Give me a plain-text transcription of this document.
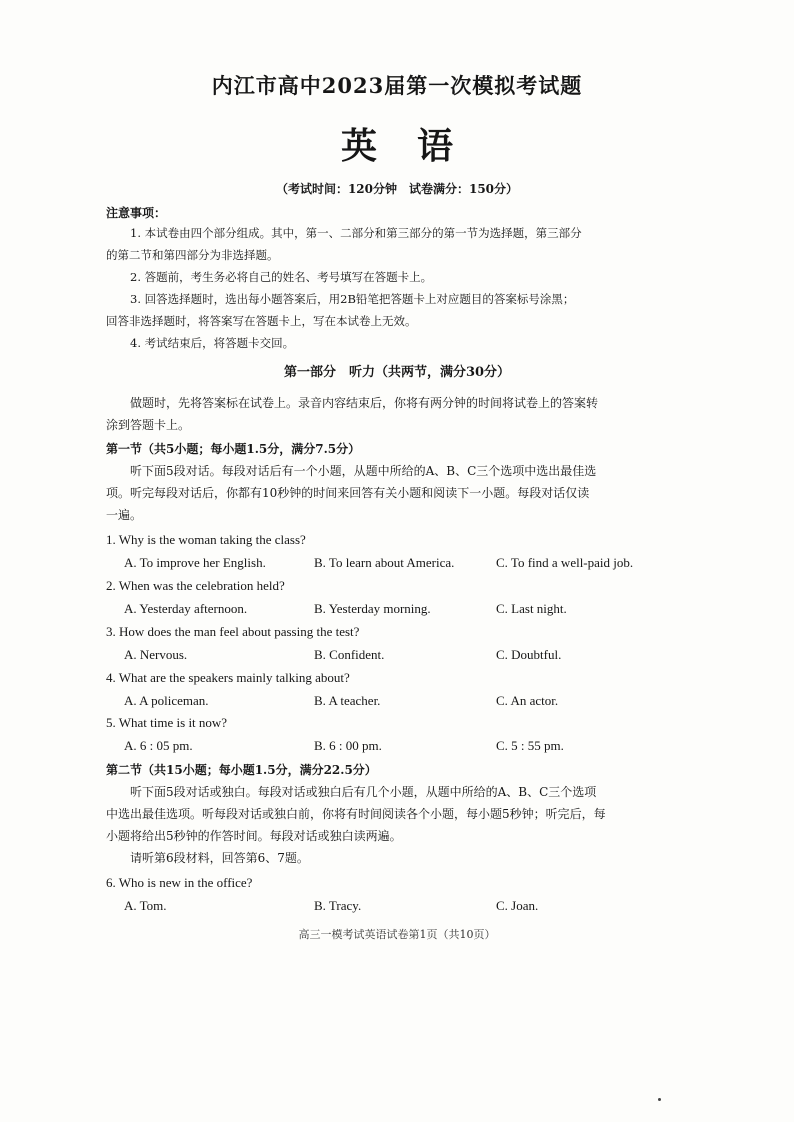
内江市高中2023届第一次模拟考试题
英语
（考试时间：120分钟　试卷满分：150分）
注意事项：
1. 本试卷由四个部分组成。其中，第一、二部分和第三部分的第一节为选择题，第三部分
的第二节和第四部分为非选择题。
2. 答题前，考生务必将自己的姓名、考号填写在答题卡上。
3. 回答选择题时，选出每小题答案后，用2B铅笔把答题卡上对应题目的答案标号涂黑；
回答非选择题时，将答案写在答题卡上，写在本试卷上无效。
4. 考试结束后，将答题卡交回。
第一部分　听力（共两节，满分30分）
做题时，先将答案标在试卷上。录音内容结束后，你将有两分钟的时间将试卷上的答案转
涂到答题卡上。
第一节（共5小题；每小题1.5分，满分7.5分）
听下面5段对话。每段对话后有一个小题，从题中所给的A、B、C三个选项中选出最佳选
项。听完每段对话后，你都有10秒钟的时间来回答有关小题和阅读下一小题。每段对话仅读
一遍。
1. Why is the woman taking the class?
A. To improve her English.	B. To learn about America.	C. To find a well-paid job.
2. When was the celebration held?
A. Yesterday afternoon.	B. Yesterday morning.	C. Last night.
3. How does the man feel about passing the test?
A. Nervous.	B. Confident.	C. Doubtful.
4. What are the speakers mainly talking about?
A. A policeman.	B. A teacher.	C. An actor.
5. What time is it now?
A. 6 : 05 pm.	B. 6 : 00 pm.	C. 5 : 55 pm.
第二节（共15小题；每小题1.5分，满分22.5分）
听下面5段对话或独白。每段对话或独白后有几个小题，从题中所给的A、B、C三个选项
中选出最佳选项。听每段对话或独白前，你将有时间阅读各个小题，每小题5秒钟；听完后，每
小题将给出5秒钟的作答时间。每段对话或独白读两遍。
请听第6段材料，回答第6、7题。
6. Who is new in the office?
A. Tom.	B. Tracy.	C. Joan.
高三一模考试英语试卷第1页（共10页）
